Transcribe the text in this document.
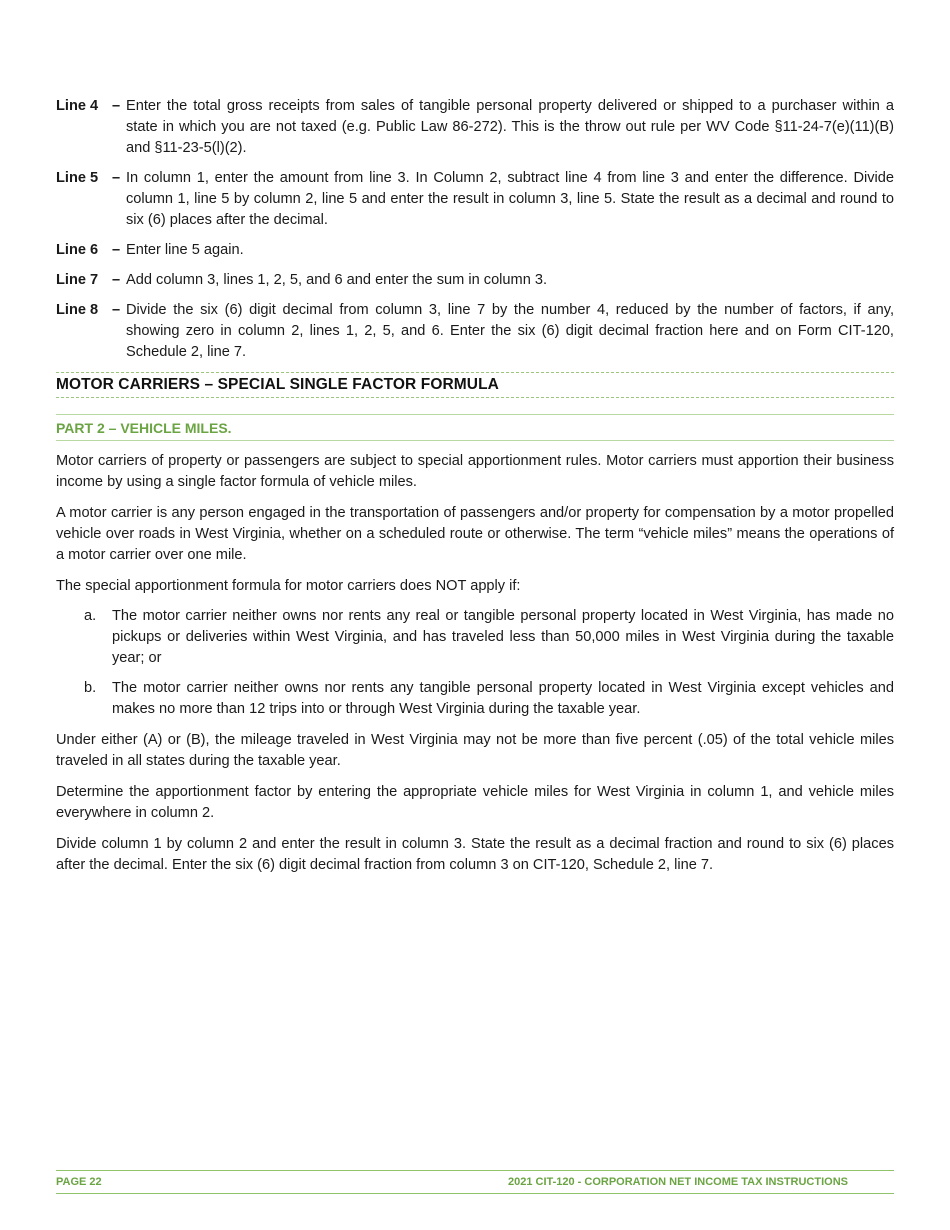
Line 4 – Enter the total gross receipts from sales of tangible personal property delivered or shipped to a purchaser within a state in which you are not taxed (e.g. Public Law 86-272). This is the throw out rule per WV Code §11-24-7(e)(11)(B) and §11-23-5(l)(2).
Line 5 – In column 1, enter the amount from line 3. In Column 2, subtract line 4 from line 3 and enter the difference. Divide column 1, line 5 by column 2, line 5 and enter the result in column 3, line 5. State the result as a decimal and round to six (6) places after the decimal.
Line 6 – Enter line 5 again.
Line 7 – Add column 3, lines 1, 2, 5, and 6 and enter the sum in column 3.
Line 8 – Divide the six (6) digit decimal from column 3, line 7 by the number 4, reduced by the number of factors, if any, showing zero in column 2, lines 1, 2, 5, and 6. Enter the six (6) digit decimal fraction here and on Form CIT-120, Schedule 2, line 7.
MOTOR CARRIERS – SPECIAL SINGLE FACTOR FORMULA
PART 2 – VEHICLE MILES.

Motor carriers of property or passengers are subject to special apportionment rules. Motor carriers must apportion their business income by using a single factor formula of vehicle miles.

A motor carrier is any person engaged in the transportation of passengers and/or property for compensation by a motor propelled vehicle over roads in West Virginia, whether on a scheduled route or otherwise. The term “vehicle miles” means the operations of a motor carrier over one mile.

The special apportionment formula for motor carriers does NOT apply if:

a.	The motor carrier neither owns nor rents any real or tangible personal property located in West Virginia, has made no pickups or deliveries within West Virginia, and has traveled less than 50,000 miles in West Virginia during the taxable year; or
b.	The motor carrier neither owns nor rents any tangible personal property located in West Virginia except vehicles and makes no more than 12 trips into or through West Virginia during the taxable year.

Under either (A) or (B), the mileage traveled in West Virginia may not be more than five percent (.05) of the total vehicle miles traveled in all states during the taxable year.

Determine the apportionment factor by entering the appropriate vehicle miles for West Virginia in column 1, and vehicle miles everywhere in column 2.

Divide column 1 by column 2 and enter the result in column 3. State the result as a decimal fraction and round to six (6) places after the decimal. Enter the six (6) digit decimal fraction from column 3 on CIT-120, Schedule 2, line 7.

PAGE 22	2021 CIT-120 - CORPORATION NET INCOME TAX INSTRUCTIONS
